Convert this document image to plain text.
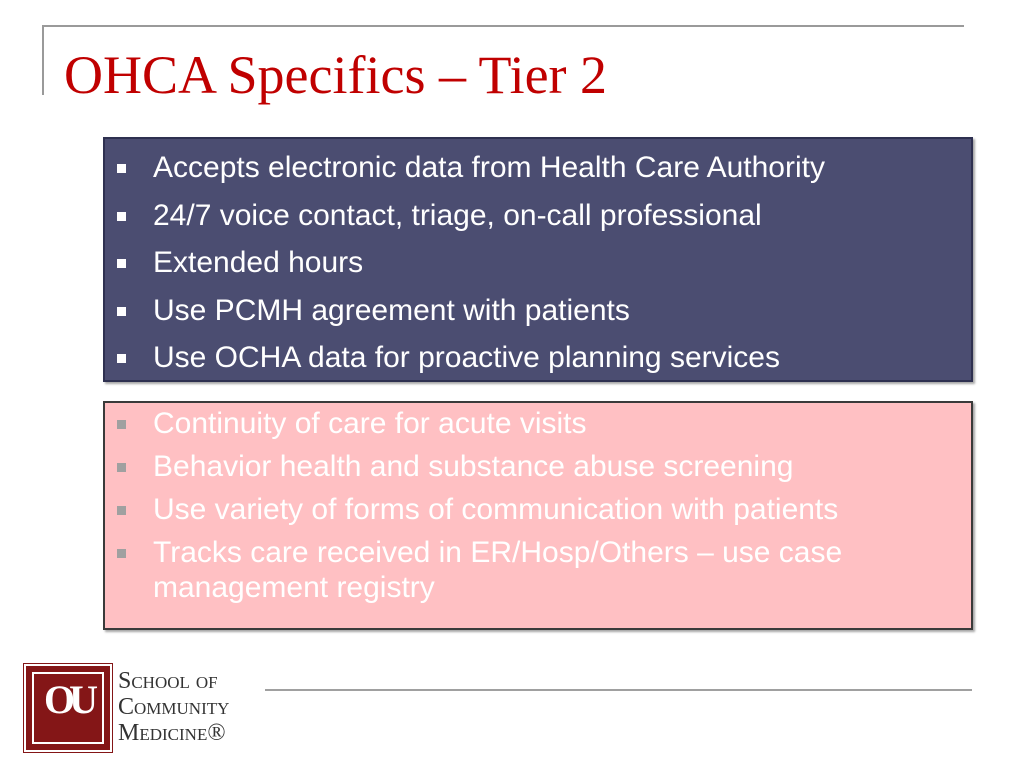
OHCA Specifics – Tier 2
Accepts electronic data from Health Care Authority
24/7 voice contact, triage, on-call professional
Extended hours
Use PCMH agreement with patients
Use OCHA data for proactive planning services
Continuity of care for acute visits
Behavior health and substance abuse screening
Use variety of forms of communication with patients
Tracks care received in ER/Hosp/Others – use case management registry
OU	School of
Community
Medicine®
